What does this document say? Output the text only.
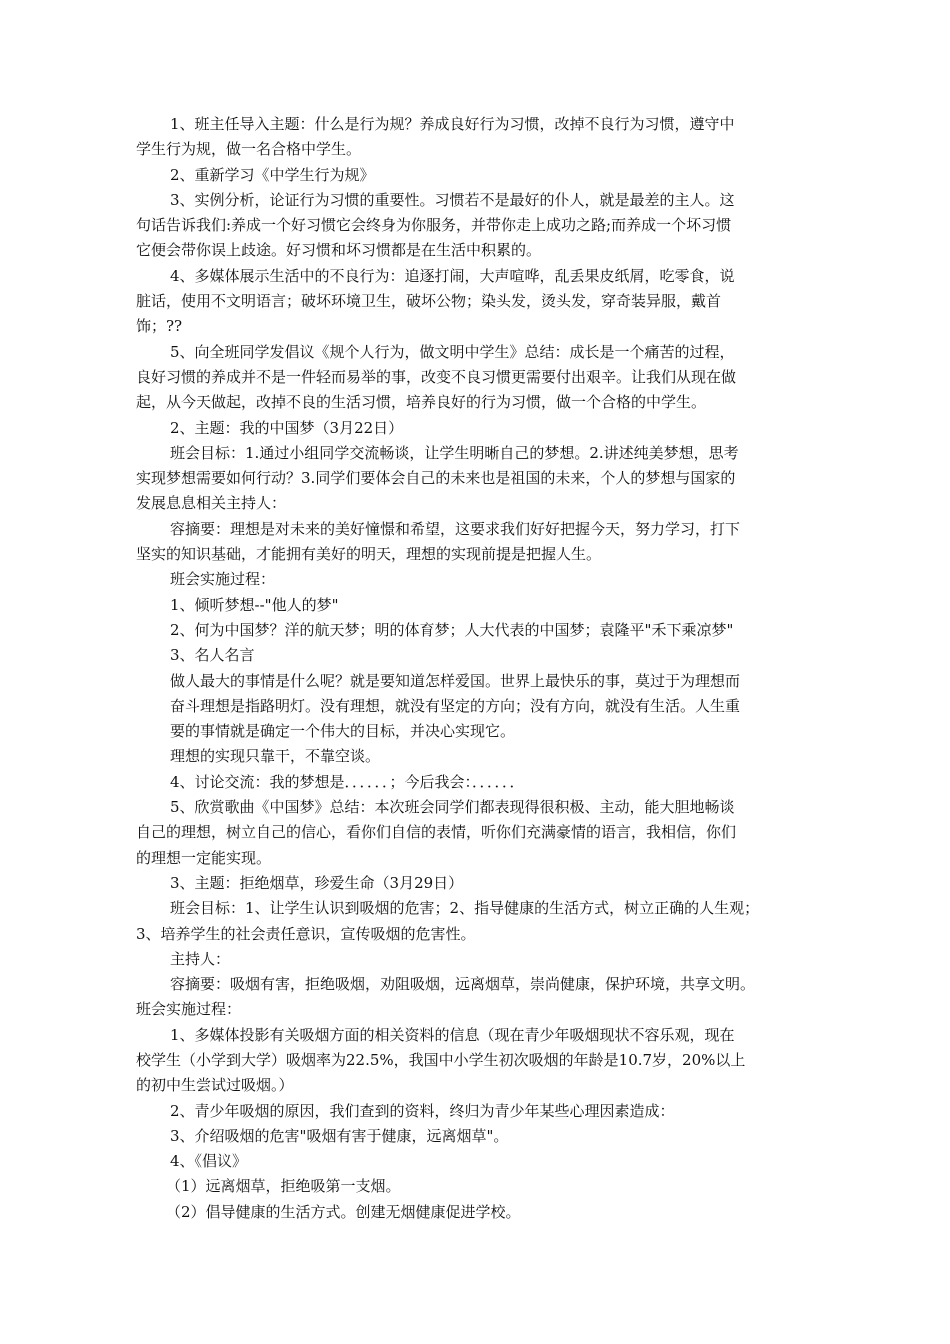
1、班主任导入主题：什么是行为规？养成良好行为习惯，改掉不良行为习惯，遵守中
学生行为规，做一名合格中学生。
2、重新学习《中学生行为规》
3、实例分析，论证行为习惯的重要性。习惯若不是最好的仆人，就是最差的主人。这
句话告诉我们:养成一个好习惯它会终身为你服务，并带你走上成功之路;而养成一个坏习惯
它便会带你误上歧途。好习惯和坏习惯都是在生活中积累的。
4、多媒体展示生活中的不良行为：追逐打闹，大声喧哗，乱丢果皮纸屑，吃零食，说
脏话，使用不文明语言；破坏环境卫生，破坏公物；染头发，烫头发，穿奇装异服，戴首
饰；??
5、向全班同学发倡议《规个人行为，做文明中学生》总结：成长是一个痛苦的过程，
良好习惯的养成并不是一件轻而易举的事，改变不良习惯更需要付出艰辛。让我们从现在做
起，从今天做起，改掉不良的生活习惯，培养良好的行为习惯，做一个合格的中学生。
2、主题：我的中国梦（3月22日）
班会目标：1.通过小组同学交流畅谈，让学生明晰自己的梦想。2.讲述纯美梦想，思考
实现梦想需要如何行动？3.同学们要体会自己的未来也是祖国的未来，个人的梦想与国家的
发展息息相关主持人：
容摘要：理想是对未来的美好憧憬和希望，这要求我们好好把握今天，努力学习，打下
坚实的知识基础，才能拥有美好的明天，理想的实现前提是把握人生。
班会实施过程：
1、倾听梦想--"他人的梦"
2、何为中国梦？洋的航天梦；明的体育梦；人大代表的中国梦；袁隆平"禾下乘凉梦"
3、名人名言
做人最大的事情是什么呢？就是要知道怎样爱国。世界上最快乐的事，莫过于为理想而
奋斗理想是指路明灯。没有理想，就没有坚定的方向；没有方向，就没有生活。人生重
要的事情就是确定一个伟大的目标，并决心实现它。
理想的实现只靠干，不靠空谈。
4、讨论交流：我的梦想是．．．．．．；今后我会：．．．．．．
5、欣赏歌曲《中国梦》总结：本次班会同学们都表现得很积极、主动，能大胆地畅谈
自己的理想，树立自己的信心，看你们自信的表情，听你们充满豪情的语言，我相信，你们
的理想一定能实现。
3、主题：拒绝烟草，珍爱生命（3月29日）
班会目标：1、让学生认识到吸烟的危害；2、指导健康的生活方式，树立正确的人生观；
3、培养学生的社会责任意识，宣传吸烟的危害性。
主持人：
容摘要：吸烟有害，拒绝吸烟，劝阻吸烟，远离烟草，崇尚健康，保护环境，共享文明。
班会实施过程：
1、多媒体投影有关吸烟方面的相关资料的信息（现在青少年吸烟现状不容乐观，现在
校学生（小学到大学）吸烟率为22.5%，我国中小学生初次吸烟的年龄是10.7岁，20%以上
的初中生尝试过吸烟。）
2、青少年吸烟的原因，我们查到的资料，终归为青少年某些心理因素造成：
3、介绍吸烟的危害"吸烟有害于健康，远离烟草"。
4、《倡议》
（1）远离烟草，拒绝吸第一支烟。
（2）倡导健康的生活方式。创建无烟健康促进学校。
